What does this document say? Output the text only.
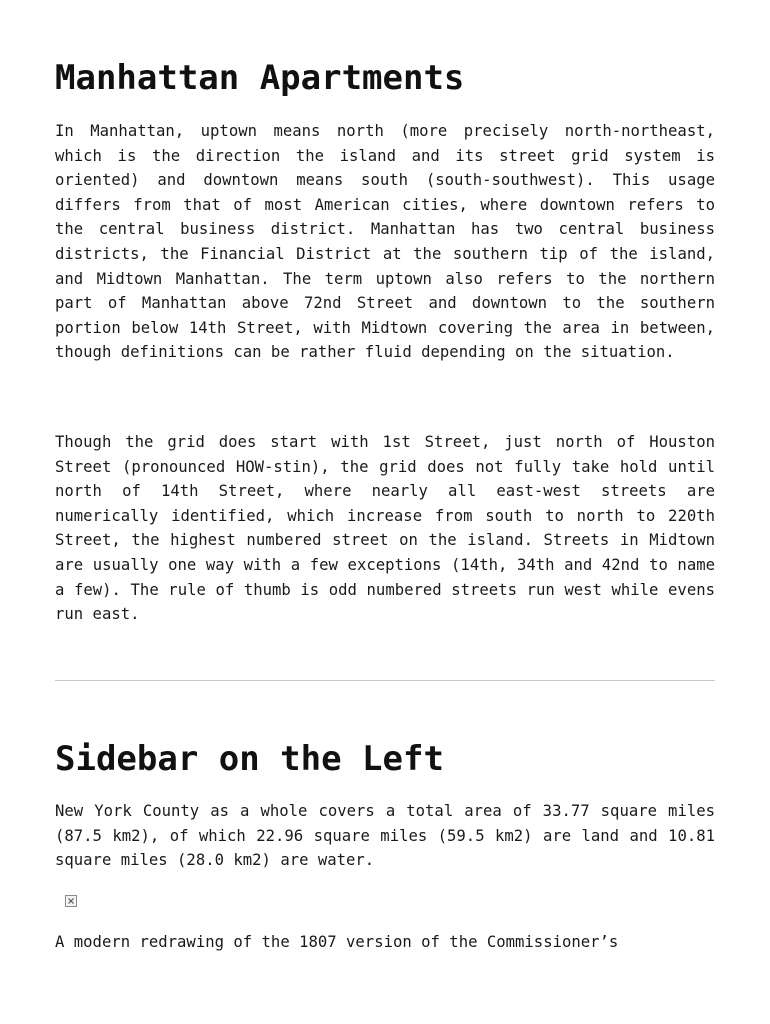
Manhattan Apartments

In Manhattan, uptown means north (more precisely north-northeast, which is the direction the island and its street grid system is oriented) and downtown means south (south-southwest). This usage differs from that of most American cities, where downtown refers to the central business district. Manhattan has two central business districts, the Financial District at the southern tip of the island, and Midtown Manhattan. The term uptown also refers to the northern part of Manhattan above 72nd Street and downtown to the southern portion below 14th Street, with Midtown covering the area in between, though definitions can be rather fluid depending on the situation.

Though the grid does start with 1st Street, just north of Houston Street (pronounced HOW-stin), the grid does not fully take hold until north of 14th Street, where nearly all east-west streets are numerically identified, which increase from south to north to 220th Street, the highest numbered street on the island. Streets in Midtown are usually one way with a few exceptions (14th, 34th and 42nd to name a few). The rule of thumb is odd numbered streets run west while evens run east.

Sidebar on the Left

New York County as a whole covers a total area of 33.77 square miles (87.5 km2), of which 22.96 square miles (59.5 km2) are land and 10.81 square miles (28.0 km2) are water.

A modern redrawing of the 1807 version of the Commissioner’s
